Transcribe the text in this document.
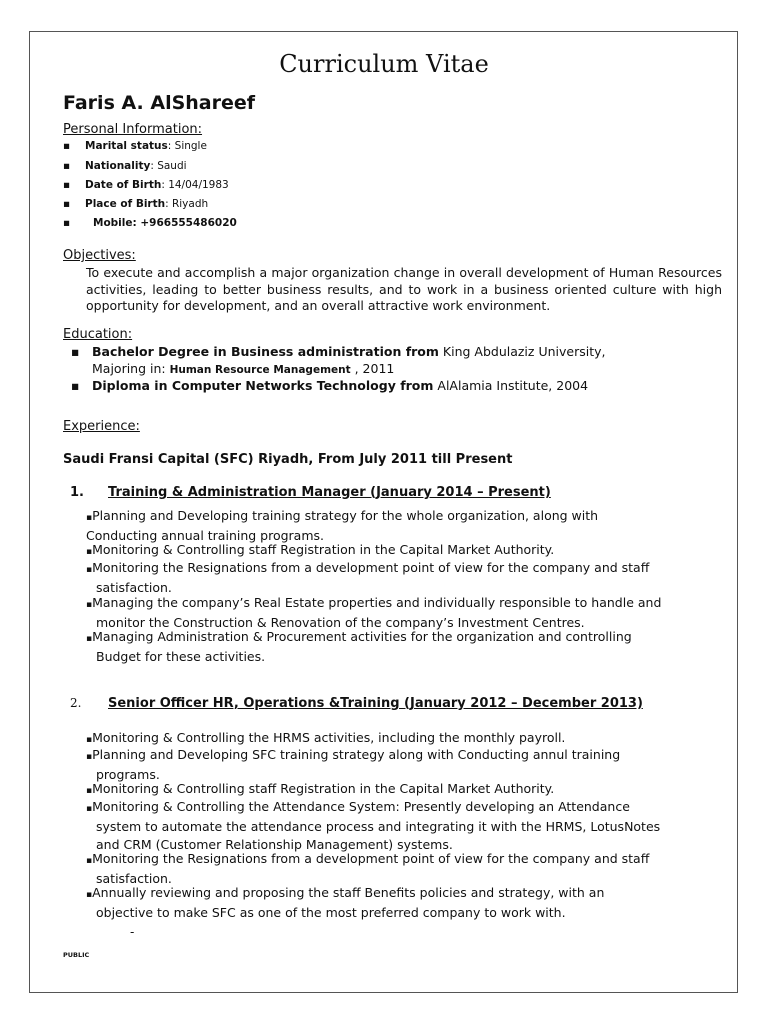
Curriculum Vitae
Faris A. AlShareef
Personal Information:
▪ Marital status: Single
▪ Nationality: Saudi
▪ Date of Birth: 14/04/1983
▪ Place of Birth: Riyadh
▪ Mobile: +966555486020
Objectives:
To execute and accomplish a major organization change in overall development of Human Resources activities, leading to better business results, and to work in a business oriented culture with high opportunity for development, and an overall attractive work environment.
Education:
▪ Bachelor Degree in Business administration from King Abdulaziz University,
Majoring in: Human Resource Management , 2011
▪ Diploma in Computer Networks Technology from AlAlamia Institute, 2004
Experience:
Saudi Fransi Capital (SFC) Riyadh, From July 2011 till Present
1. Training & Administration Manager (January 2014 – Present)
▪Planning and Developing training strategy for the whole organization, along with
Conducting annual training programs.
▪Monitoring & Controlling staff Registration in the Capital Market Authority.
▪Monitoring the Resignations from a development point of view for the company and staff
satisfaction.
▪Managing the company’s Real Estate properties and individually responsible to handle and
monitor the Construction & Renovation of the company’s Investment Centres.
▪Managing Administration & Procurement activities for the organization and controlling
Budget for these activities.
2. Senior Officer HR, Operations &Training (January 2012 – December 2013)
▪Monitoring & Controlling the HRMS activities, including the monthly payroll.
▪Planning and Developing SFC training strategy along with Conducting annul training
programs.
▪Monitoring & Controlling staff Registration in the Capital Market Authority.
▪Monitoring & Controlling the Attendance System: Presently developing an Attendance
system to automate the attendance process and integrating it with the HRMS, LotusNotes
and CRM (Customer Relationship Management) systems.
▪Monitoring the Resignations from a development point of view for the company and staff
satisfaction.
▪Annually reviewing and proposing the staff Benefits policies and strategy, with an
objective to make SFC as one of the most preferred company to work with.
-
PUBLIC
